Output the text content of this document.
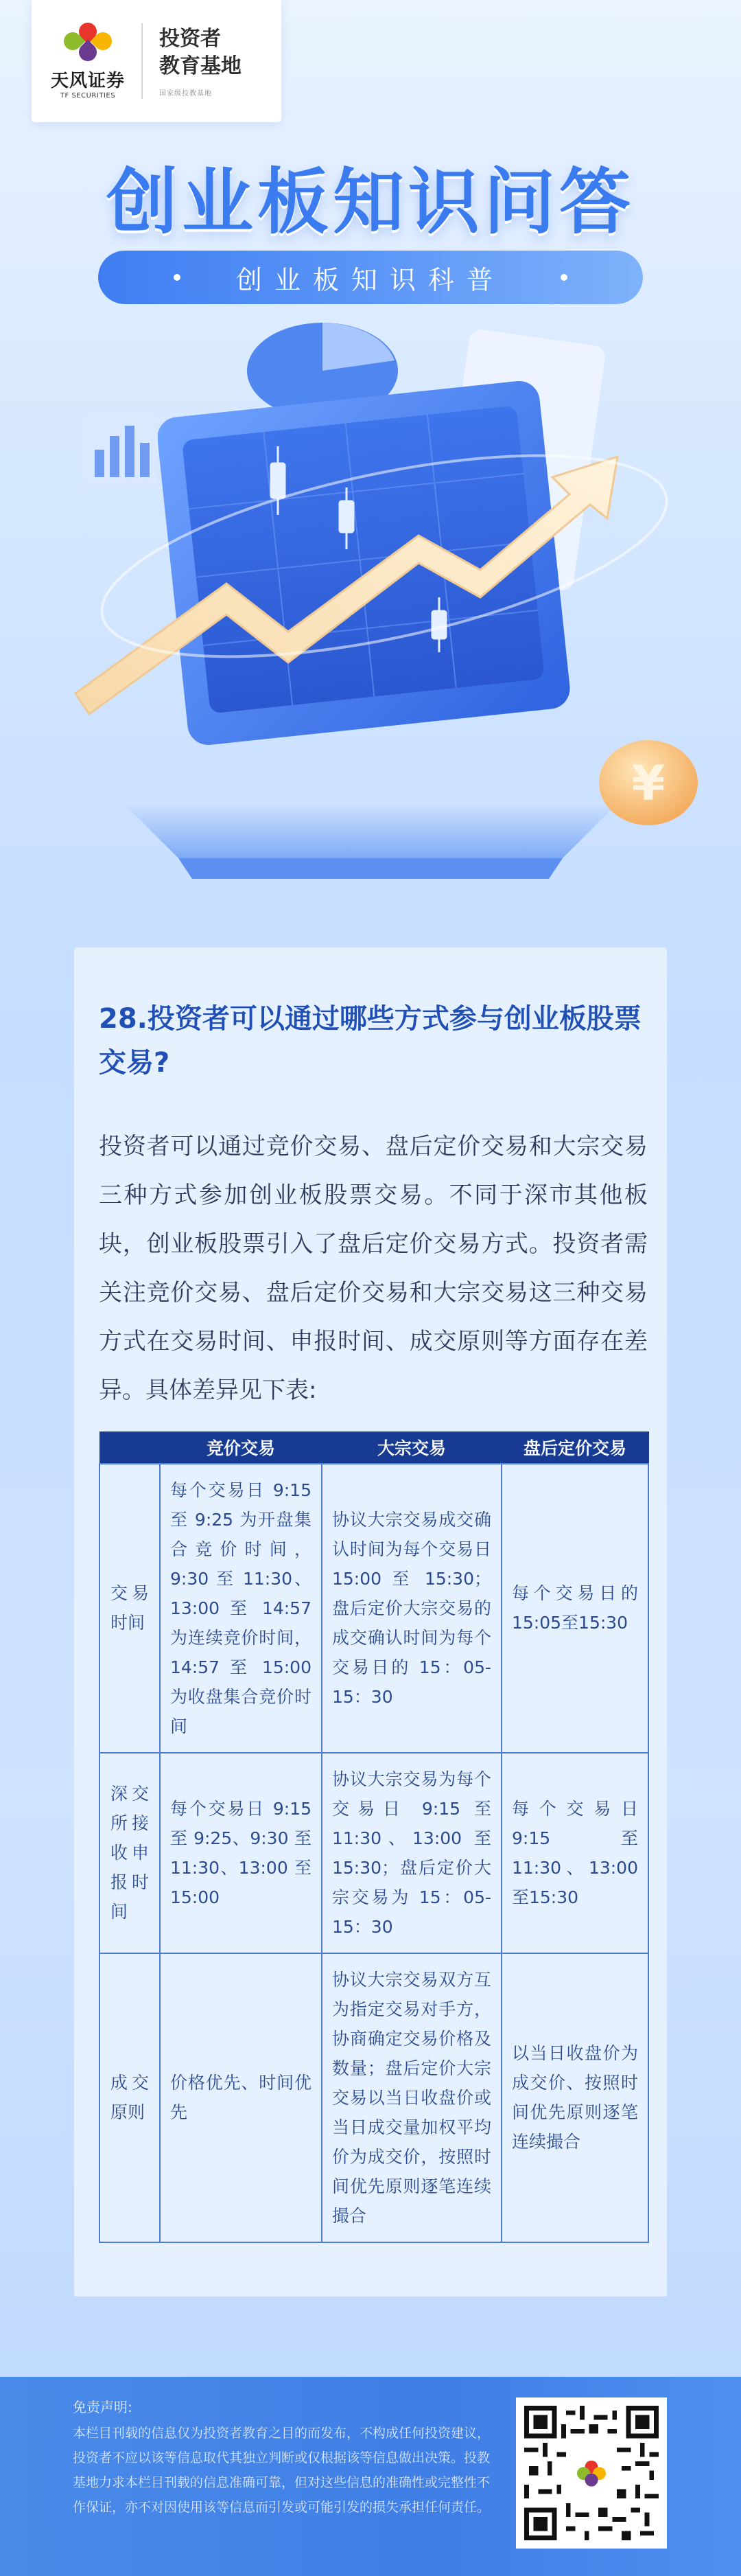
天风证券
TF SECURITIES
投资者
教育基地
国家级投教基地
创业板知识问答
创业板知识科普
¥
28.投资者可以通过哪些方式参与创业板股票交易?
投资者可以通过竞价交易、盘后定价交易和大宗交易三种方式参加创业板股票交易。不同于深市其他板块，创业板股票引入了盘后定价交易方式。投资者需关注竞价交易、盘后定价交易和大宗交易这三种交易方式在交易时间、申报时间、成交原则等方面存在差异。具体差异见下表:
	竞价交易	大宗交易	盘后定价交易
交易时间	每个交易日 9:15 至 9:25 为开盘集合竞价时间，9:30 至 11:30、13:00 至 14:57 为连续竞价时间，14:57 至 15:00 为收盘集合竞价时间	协议大宗交易成交确认时间为每个交易日 15:00 至 15:30；盘后定价大宗交易的成交确认时间为每个交易日的 15：05-15：30	每个交易日的 15:05至15:30
深交所接收申报时间	每个交易日 9:15 至 9:25、9:30 至 11:30、13:00 至 15:00	协议大宗交易为每个交易日 9:15 至 11:30、13:00 至 15:30；盘后定价大宗交易为 15：05-15：30	每个交易日 9:15 至 11:30、13:00至15:30
成交原则	价格优先、时间优先	协议大宗交易双方互为指定交易对手方，协商确定交易价格及数量；盘后定价大宗交易以当日收盘价或当日成交量加权平均价为成交价，按照时间优先原则逐笔连续撮合	以当日收盘价为成交价、按照时间优先原则逐笔连续撮合
免责声明:
本栏目刊载的信息仅为投资者教育之目的而发布，不构成任何投资建议，投资者不应以该等信息取代其独立判断或仅根据该等信息做出决策。投教基地力求本栏目刊载的信息准确可靠，但对这些信息的准确性或完整性不作保证，亦不对因使用该等信息而引发或可能引发的损失承担任何责任。
